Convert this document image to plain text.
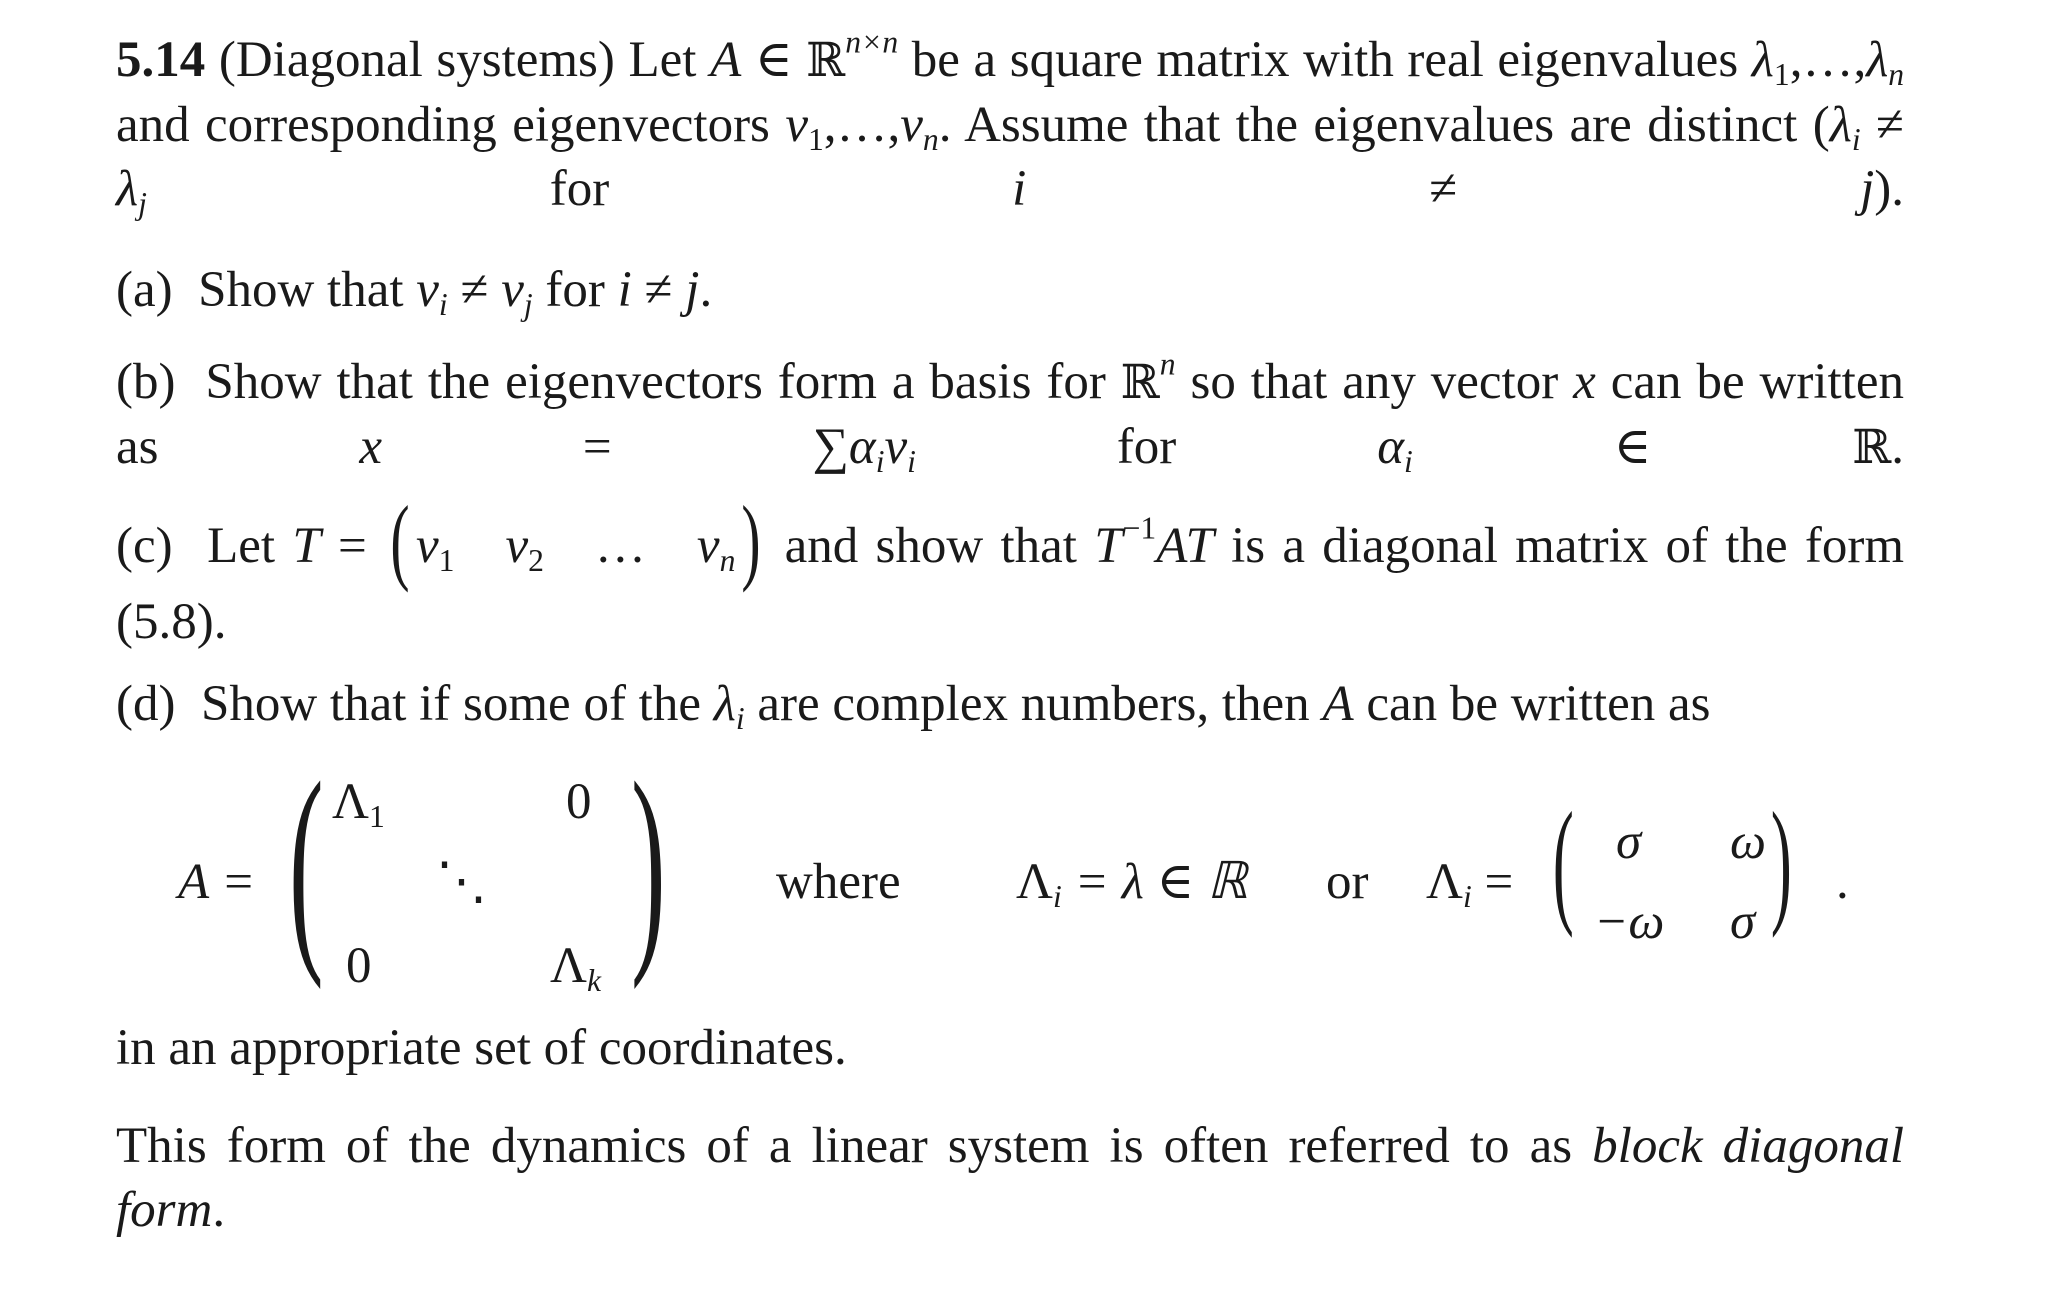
5.14 (Diagonal systems) Let A ∈ ℝ$^{n\times n}$ be a square matrix with real eigenvalues $\lambda_1,\dots,\lambda_n$ and corresponding eigenvectors $v_1,\dots,v_n$. Assume that the eigenvalues are distinct ($\lambda_i \ne \lambda_j$	for	i	≠	j).
(a) Show that $v_i \ne v_j$ for i ≠ j.
(b) Show that the eigenvectors form a basis for ℝ$^n$ so that any vector x can be written as	x	=	$\sum\alpha_iv_i$	for	$\alpha_i$	∈	ℝ.
(c) Let T = ( $v_1$ $v_2$ … $v_n$) and show that $T^{-1}AT$ is a diagonal matrix of the form (5.8).
(d) Show that if some of the $\lambda_i$ are complex numbers, then A can be written as
A = ( $\Lambda_1$	0
⋱
0	$\Lambda_k$ ) where $\Lambda_i = \lambda$ ∈ ℝ or $\Lambda_i$ = ( σ ω
−ω σ ) .
in an appropriate set of coordinates.
This form of the dynamics of a linear system is often referred to as block diagonal form.
